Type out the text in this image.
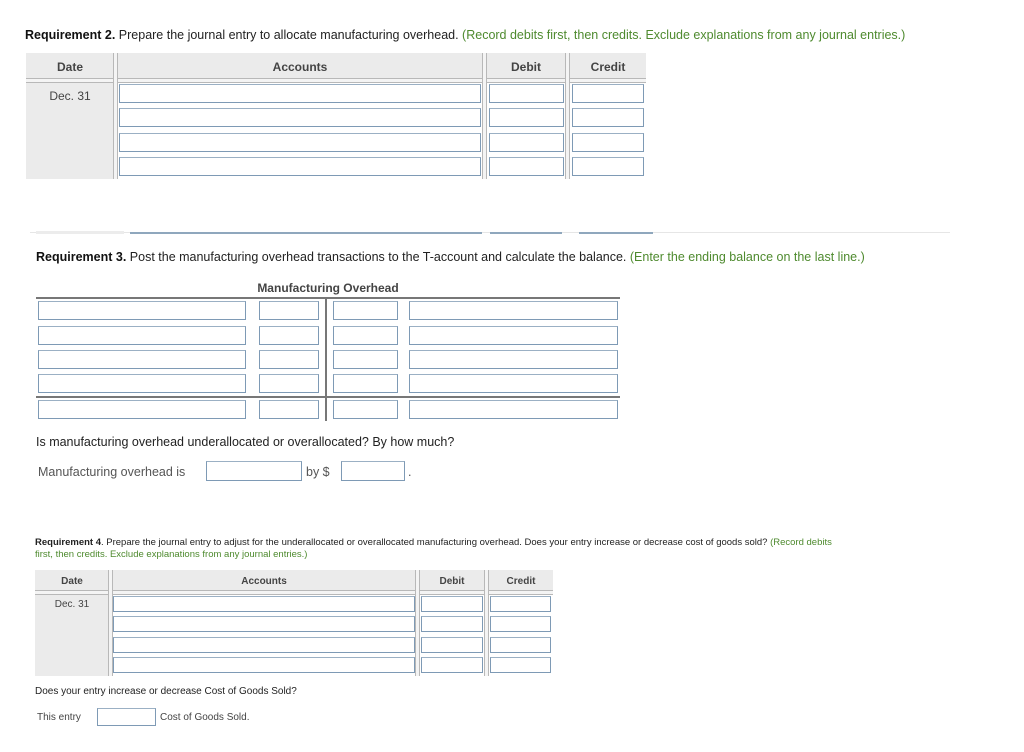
Requirement 2. Prepare the journal entry to allocate manufacturing overhead. (Record debits first, then credits. Exclude explanations from any journal entries.)
Date	Accounts	Debit	Credit
Dec. 31
Requirement 3. Post the manufacturing overhead transactions to the T-account and calculate the balance. (Enter the ending balance on the last line.)
Manufacturing Overhead
Is manufacturing overhead underallocated or overallocated? By how much?
Manufacturing overhead is	by $	.
Requirement 4. Prepare the journal entry to adjust for the underallocated or overallocated manufacturing overhead. Does your entry increase or decrease cost of goods sold? (Record debits
first, then credits. Exclude explanations from any journal entries.)
Date	Accounts	Debit	Credit
Dec. 31
Does your entry increase or decrease Cost of Goods Sold?
This entry	Cost of Goods Sold.
